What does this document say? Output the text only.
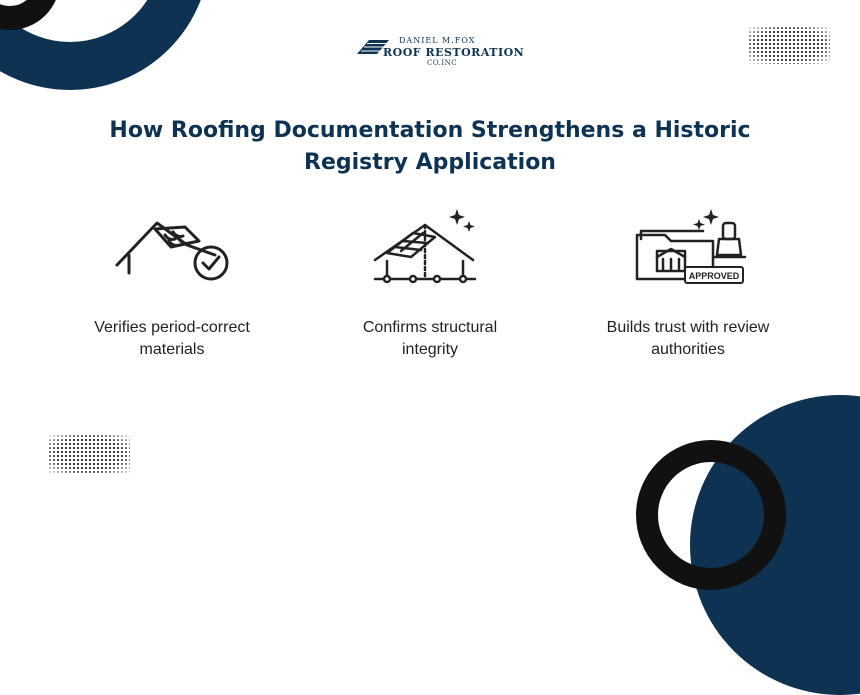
DANIEL M.FOX
ROOF RESTORATION
CO.INC
How Roofing Documentation Strengthens a Historic
Registry Application
Verifies period-correct
materials
Confirms structural
integrity
APPROVED
Builds trust with review
authorities
